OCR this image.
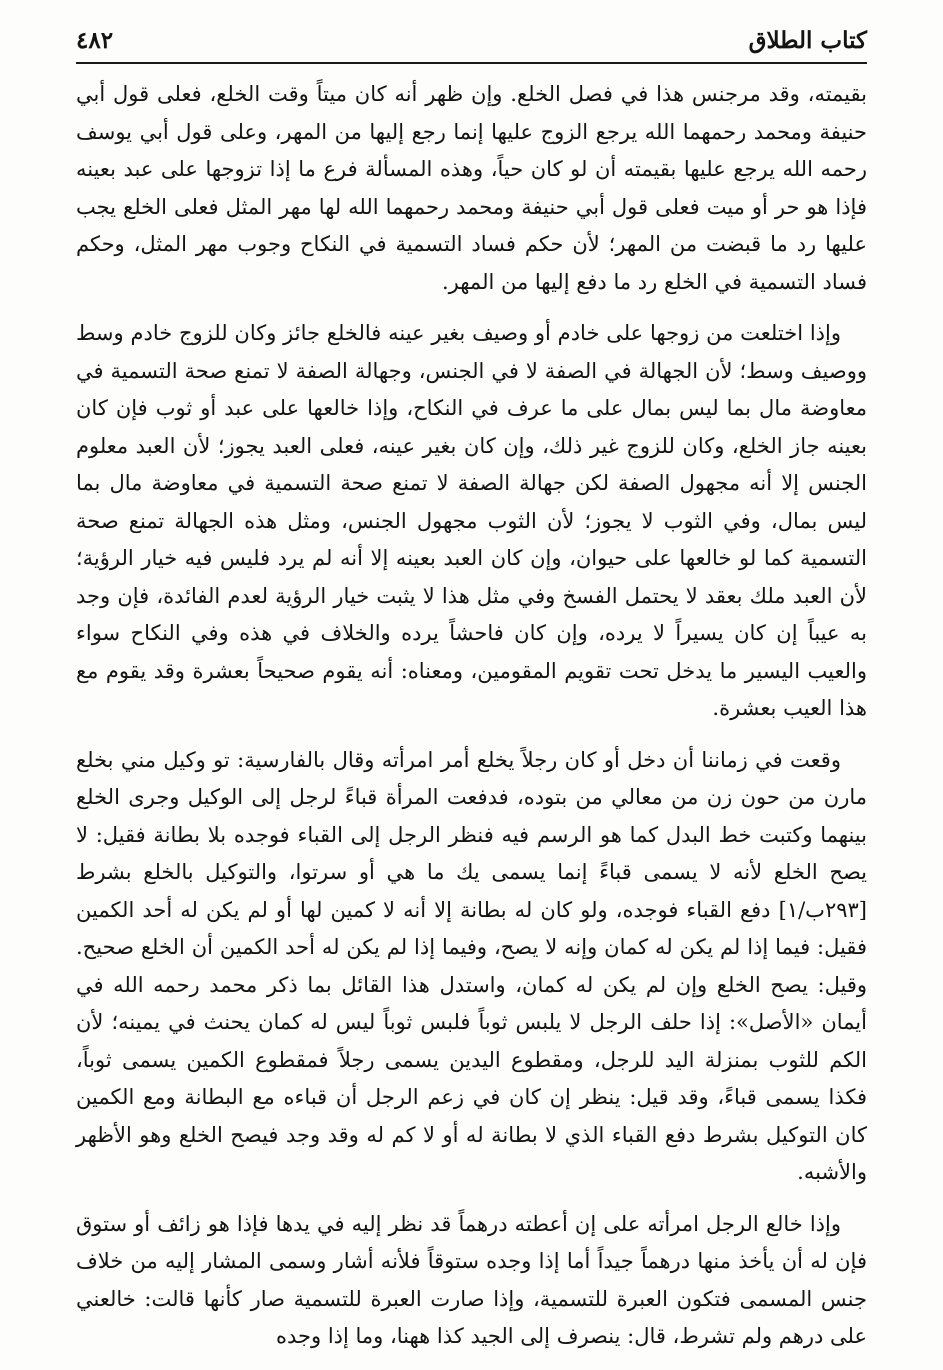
كتاب الطلاق
٤٨٢

بقيمته، وقد مرجنس هذا في فصل الخلع. وإن ظهر أنه كان ميتاً وقت الخلع، فعلى قول أبي حنيفة ومحمد رحمهما الله يرجع الزوج عليها إنما رجع إليها من المهر، وعلى قول أبي يوسف رحمه الله يرجع عليها بقيمته أن لو كان حياً، وهذه المسألة فرع ما إذا تزوجها على عبد بعينه فإذا هو حر أو ميت فعلى قول أبي حنيفة ومحمد رحمهما الله لها مهر المثل فعلى الخلع يجب عليها رد ما قبضت من المهر؛ لأن حكم فساد التسمية في النكاح وجوب مهر المثل، وحكم فساد التسمية في الخلع رد ما دفع إليها من المهر.

وإذا اختلعت من زوجها على خادم أو وصيف بغير عينه فالخلع جائز وكان للزوج خادم وسط ووصيف وسط؛ لأن الجهالة في الصفة لا في الجنس، وجهالة الصفة لا تمنع صحة التسمية في معاوضة مال بما ليس بمال على ما عرف في النكاح، وإذا خالعها على عبد أو ثوب فإن كان بعينه جاز الخلع، وكان للزوج غير ذلك، وإن كان بغير عينه، فعلى العبد يجوز؛ لأن العبد معلوم الجنس إلا أنه مجهول الصفة لكن جهالة الصفة لا تمنع صحة التسمية في معاوضة مال بما ليس بمال، وفي الثوب لا يجوز؛ لأن الثوب مجهول الجنس، ومثل هذه الجهالة تمنع صحة التسمية كما لو خالعها على حيوان، وإن كان العبد بعينه إلا أنه لم يرد فليس فيه خيار الرؤية؛ لأن العبد ملك بعقد لا يحتمل الفسخ وفي مثل هذا لا يثبت خيار الرؤية لعدم الفائدة، فإن وجد به عيباً إن كان يسيراً لا يرده، وإن كان فاحشاً يرده والخلاف في هذه وفي النكاح سواء والعيب اليسير ما يدخل تحت تقويم المقومين، ومعناه: أنه يقوم صحيحاً بعشرة وقد يقوم مع هذا العيب بعشرة.

وقعت في زماننا أن دخل أو كان رجلاً يخلع أمر امرأته وقال بالفارسية: تو وكيل مني بخلع مارن من حون زن من معالي من بتوده، فدفعت المرأة قباءً لرجل إلى الوكيل وجرى الخلع بينهما وكتبت خط البدل كما هو الرسم فيه فنظر الرجل إلى القباء فوجده بلا بطانة فقيل: لا يصح الخلع لأنه لا يسمى قباءً إنما يسمى يك ما هي أو سرتوا، والتوكيل بالخلع بشرط [٢٩٣ب/١] دفع القباء فوجده، ولو كان له بطانة إلا أنه لا كمين لها أو لم يكن له أحد الكمين فقيل: فيما إذا لم يكن له كمان وإنه لا يصح، وفيما إذا لم يكن له أحد الكمين أن الخلع صحيح. وقيل: يصح الخلع وإن لم يكن له كمان، واستدل هذا القائل بما ذكر محمد رحمه الله في أيمان «الأصل»: إذا حلف الرجل لا يلبس ثوباً فلبس ثوباً ليس له كمان يحنث في يمينه؛ لأن الكم للثوب بمنزلة اليد للرجل، ومقطوع اليدين يسمى رجلاً فمقطوع الكمين يسمى ثوباً، فكذا يسمى قباءً، وقد قيل: ينظر إن كان في زعم الرجل أن قباءه مع البطانة ومع الكمين كان التوكيل بشرط دفع القباء الذي لا بطانة له أو لا كم له وقد وجد فيصح الخلع وهو الأظهر والأشبه.

وإذا خالع الرجل امرأته على إن أعطته درهماً قد نظر إليه في يدها فإذا هو زائف أو ستوق فإن له أن يأخذ منها درهماً جيداً أما إذا وجده ستوقاً فلأنه أشار وسمى المشار إليه من خلاف جنس المسمى فتكون العبرة للتسمية، وإذا صارت العبرة للتسمية صار كأنها قالت: خالعني على درهم ولم تشرط، قال: ينصرف إلى الجيد كذا ههنا، وما إذا وجده
